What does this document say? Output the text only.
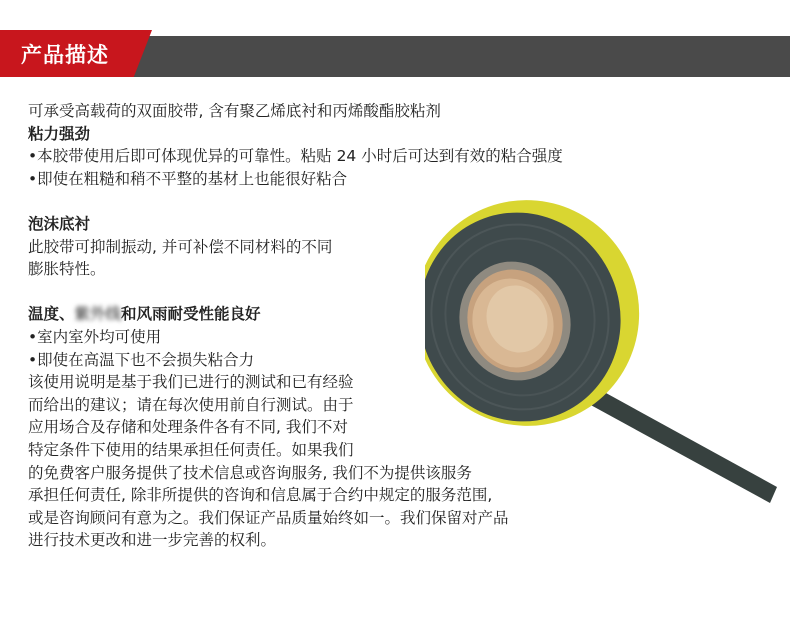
产品描述
可承受高载荷的双面胶带, 含有聚乙烯底衬和丙烯酸酯胶粘剂
粘力强劲
•本胶带使用后即可体现优异的可靠性。粘贴 24 小时后可达到有效的粘合强度
•即使在粗糙和稍不平整的基材上也能很好粘合
泡沫底衬
此胶带可抑制振动, 并可补偿不同材料的不同
膨胀特性。
温度、紫外线和风雨耐受性能良好
•室内室外均可使用
•即使在高温下也不会损失粘合力
该使用说明是基于我们已进行的测试和已有经验
而给出的建议；请在每次使用前自行测试。由于
应用场合及存储和处理条件各有不同, 我们不对
特定条件下使用的结果承担任何责任。如果我们
的免费客户服务提供了技术信息或咨询服务, 我们不为提供该服务
承担任何责任, 除非所提供的咨询和信息属于合约中规定的服务范围,
或是咨询顾问有意为之。我们保证产品质量始终如一。我们保留对产品
进行技术更改和进一步完善的权利。
